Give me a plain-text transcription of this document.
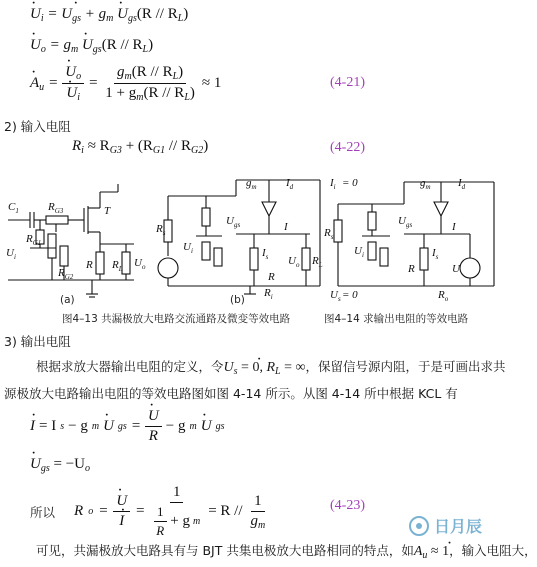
· $U_i = U_{gs} + g_m \cdot U_{gs}(R // R_L)$
· $U_o = g_m \cdot U_{gs}(R // R_L)$
· $A_u$ = · $U_o$
· $U_i = \frac{g_m(R // R_L)}{1 + g_m(R // R_L)} \approx 1$	(4-21)
2) 输入电阻
$R_i \approx R_{G3} + (R_{G1} // R_{G2})$	(4-22)
$C_1$	$R_{G3}$	T
$R_{G1}$
$R_{G2}$
R $R_L$
$U_i$	$U_o$
$R_s$
$U_i$
$U_{gs}$
$g_m$	$I_d$
I
$I_s$ $U_o$
R
$R_L$
$R_i$
$I_i = 0$
$R_s$
$U_i$
$U_{gs}$
$g_m$ $I_d$
I
$I_s$
R	U
$U_s = 0$	$R_o$
(a)	(b)
图4–13 共漏极放大电路交流通路及微变等效电路	图4–14 求输出电阻的等效电路
3) 输出电阻
根据求放大器输出电阻的定义，令· $U_s = 0$, $R_L$ = ∞，保留信号源内阻，于是可画出求共源极放大电路输出电阻的等效电路图如图 4-14 所示。从图 4-14 所中根据 KCL 有
· I = I s − g m · U gs = · $\frac{U}{R} - g$ m · U gs
· $U_{gs} = -U_o$
所以 R o = · U
· $I = \frac{1}{\frac{1}{R} + g m} = R // \frac{1}{g_m}$	(4-23)
可见，共漏极放大电路具有与 BJT 共集电极放大电路相同的特点，如· $A_u \approx 1$，输入电阻大，
日月辰
